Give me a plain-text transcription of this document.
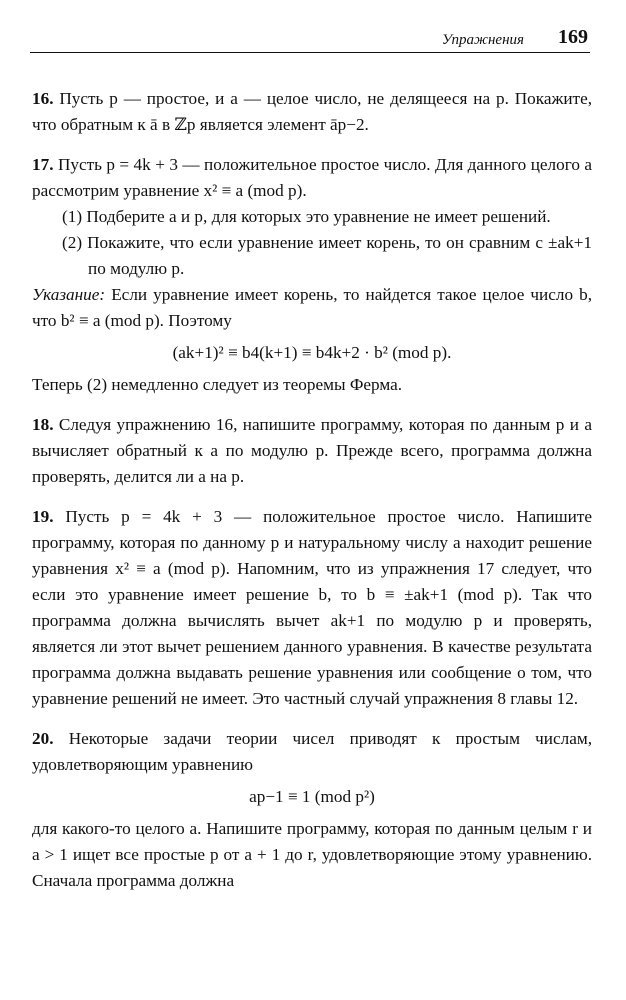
Упражнения 169

16. Пусть p — простое, и a — целое число, не делящееся на p. Покажите, что обратным к ā в ℤp является элемент āp−2.

17. Пусть p = 4k + 3 — положительное простое число. Для данного целого a рассмотрим уравнение x² ≡ a (mod p).

(1) Подберите a и p, для которых это уравнение не имеет решений.

(2) Покажите, что если уравнение имеет корень, то он сравним с ±ak+1 по модулю p.

Указание: Если уравнение имеет корень, то найдется такое целое число b, что b² ≡ a (mod p). Поэтому

(ak+1)² ≡ b4(k+1) ≡ b4k+2 · b² (mod p).

Теперь (2) немедленно следует из теоремы Ферма.

18. Следуя упражнению 16, напишите программу, которая по данным p и a вычисляет обратный к a по модулю p. Прежде всего, программа должна проверять, делится ли a на p.

19. Пусть p = 4k + 3 — положительное простое число. Напишите программу, которая по данному p и натуральному числу a находит решение уравнения x² ≡ a (mod p). Напомним, что из упражнения 17 следует, что если это уравнение имеет решение b, то b ≡ ±ak+1 (mod p). Так что программа должна вычислять вычет ak+1 по модулю p и проверять, является ли этот вычет решением данного уравнения. В качестве результата программа должна выдавать решение уравнения или сообщение о том, что уравнение решений не имеет. Это частный случай упражнения 8 главы 12.

20. Некоторые задачи теории чисел приводят к простым числам, удовлетворяющим уравнению

ap−1 ≡ 1 (mod p²)

для какого-то целого a. Напишите программу, которая по данным целым r и a > 1 ищет все простые p от a + 1 до r, удовлетворяющие этому уравнению. Сначала программа должна
